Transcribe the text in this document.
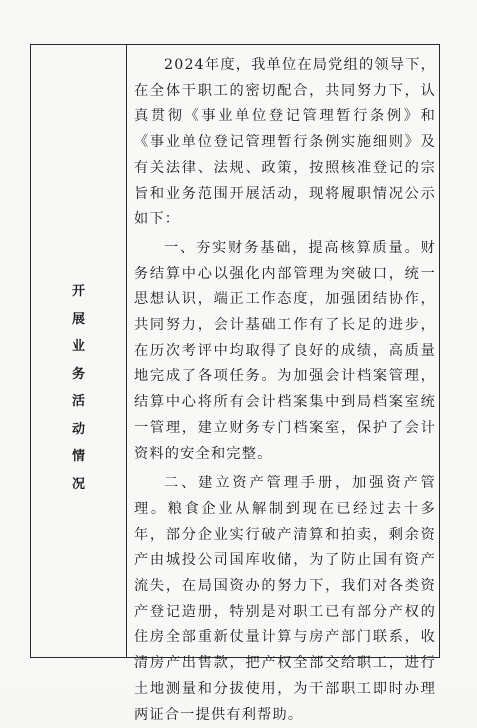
开
展
业
务
活
动
情
况

2024年度，我单位在局党组的领导下，在全体干职工的密切配合，共同努力下，认真贯彻《事业单位登记管理暂行条例》和《事业单位登记管理暂行条例实施细则》及有关法律、法规、政策，按照核准登记的宗旨和业务范围开展活动，现将履职情况公示如下：

一、夯实财务基础，提高核算质量。财务结算中心以强化内部管理为突破口，统一思想认识，端正工作态度，加强团结协作，共同努力，会计基础工作有了长足的进步，在历次考评中均取得了良好的成绩，高质量地完成了各项任务。为加强会计档案管理，结算中心将所有会计档案集中到局档案室统一管理，建立财务专门档案室，保护了会计资料的安全和完整。

二、建立资产管理手册，加强资产管理。粮食企业从解制到现在已经过去十多年，部分企业实行破产清算和拍卖，剩余资产由城投公司国库收储，为了防止国有资产流失，在局国资办的努力下，我们对各类资产登记造册，特别是对职工已有部分产权的住房全部重新仗量计算与房产部门联系，收清房产出售款，把产权全部交给职工，进行土地测量和分拔使用，为干部职工即时办理两证合一提供有利帮助。
